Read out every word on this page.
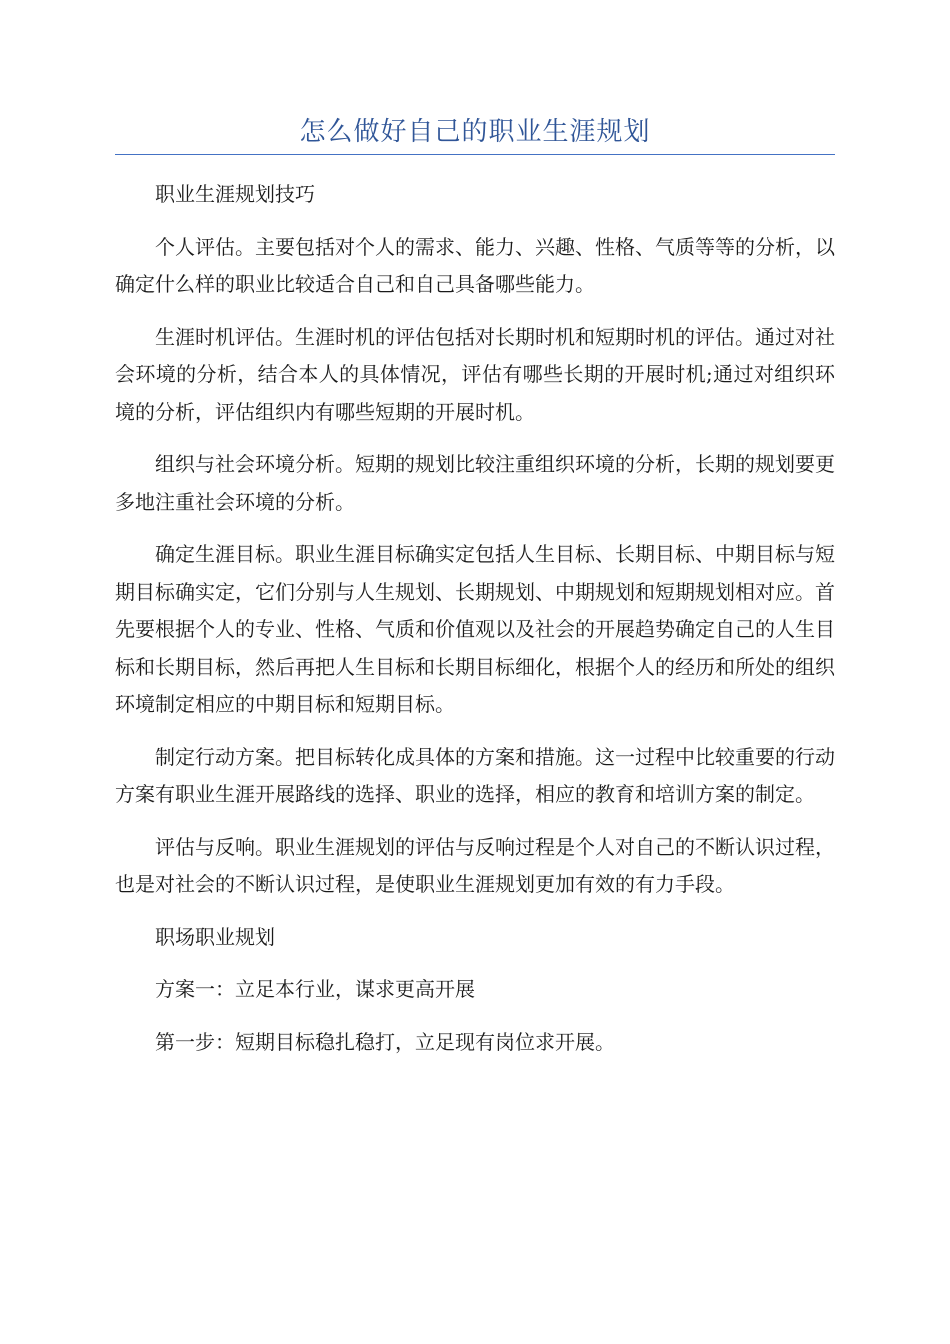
怎么做好自己的职业生涯规划

职业生涯规划技巧

个人评估。主要包括对个人的需求、能力、兴趣、性格、气质等等的分析，以确定什么样的职业比较适合自己和自己具备哪些能力。

生涯时机评估。生涯时机的评估包括对长期时机和短期时机的评估。通过对社会环境的分析，结合本人的具体情况，评估有哪些长期的开展时机;通过对组织环境的分析，评估组织内有哪些短期的开展时机。

组织与社会环境分析。短期的规划比较注重组织环境的分析，长期的规划要更多地注重社会环境的分析。

确定生涯目标。职业生涯目标确实定包括人生目标、长期目标、中期目标与短期目标确实定，它们分别与人生规划、长期规划、中期规划和短期规划相对应。首先要根据个人的专业、性格、气质和价值观以及社会的开展趋势确定自己的人生目标和长期目标，然后再把人生目标和长期目标细化，根据个人的经历和所处的组织环境制定相应的中期目标和短期目标。

制定行动方案。把目标转化成具体的方案和措施。这一过程中比较重要的行动方案有职业生涯开展路线的选择、职业的选择，相应的教育和培训方案的制定。

评估与反响。职业生涯规划的评估与反响过程是个人对自己的不断认识过程，也是对社会的不断认识过程，是使职业生涯规划更加有效的有力手段。

职场职业规划

方案一：立足本行业，谋求更高开展

第一步：短期目标稳扎稳打，立足现有岗位求开展。
